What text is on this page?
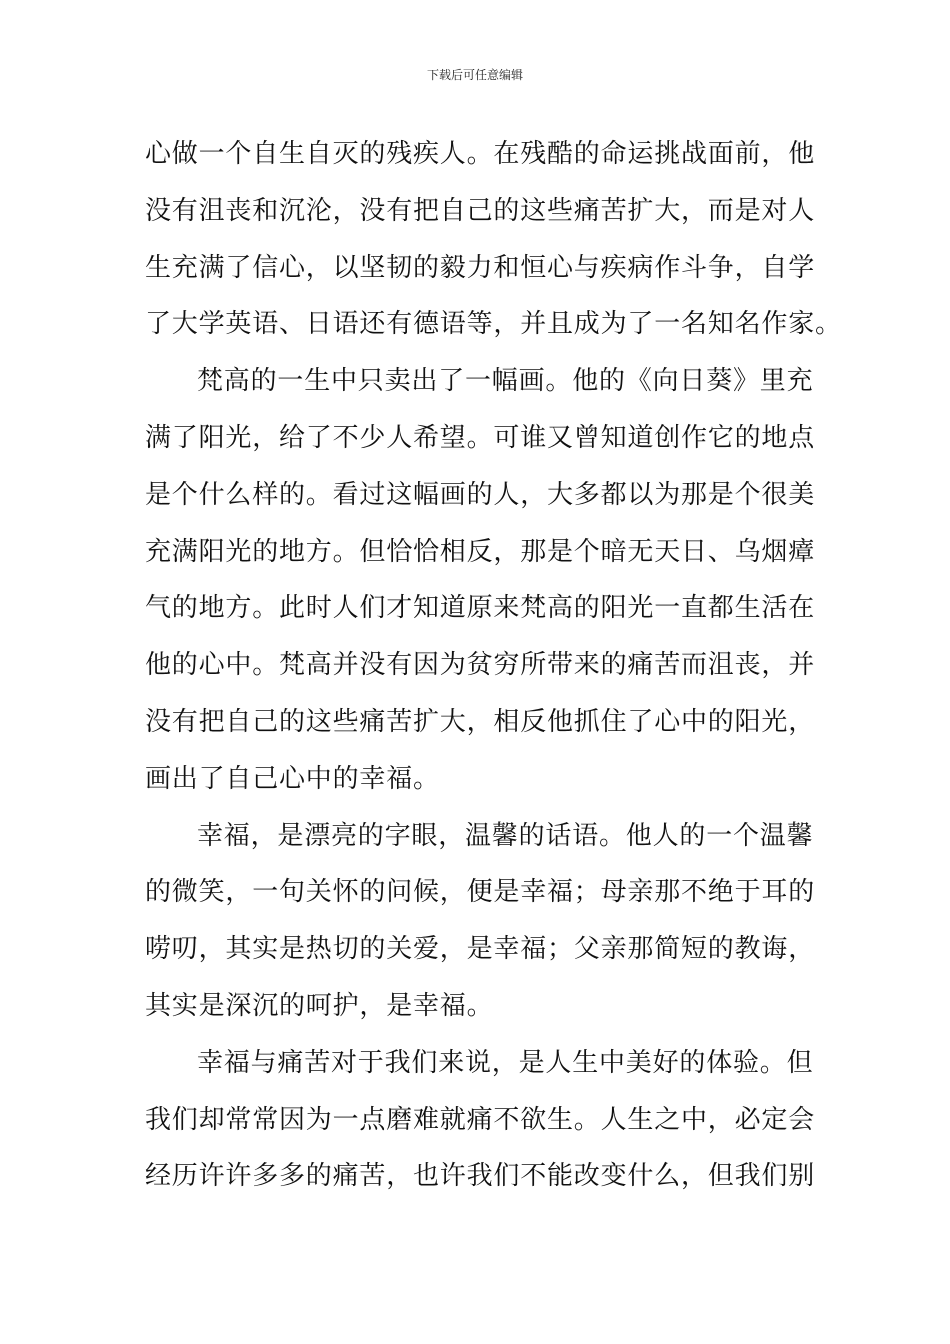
下载后可任意编辑
心做一个自生自灭的残疾人。在残酷的命运挑战面前，他
没有沮丧和沉沦，没有把自己的这些痛苦扩大，而是对人
生充满了信心，以坚韧的毅力和恒心与疾病作斗争，自学
了大学英语、日语还有德语等，并且成为了一名知名作家。
梵高的一生中只卖出了一幅画。他的《向日葵》里充
满了阳光，给了不少人希望。可谁又曾知道创作它的地点
是个什么样的。看过这幅画的人，大多都以为那是个很美
充满阳光的地方。但恰恰相反，那是个暗无天日、乌烟瘴
气的地方。此时人们才知道原来梵高的阳光一直都生活在
他的心中。梵高并没有因为贫穷所带来的痛苦而沮丧，并
没有把自己的这些痛苦扩大，相反他抓住了心中的阳光，
画出了自己心中的幸福。
幸福，是漂亮的字眼，温馨的话语。他人的一个温馨
的微笑，一句关怀的问候，便是幸福；母亲那不绝于耳的
唠叨，其实是热切的关爱，是幸福；父亲那简短的教诲，
其实是深沉的呵护，是幸福。
幸福与痛苦对于我们来说，是人生中美好的体验。但
我们却常常因为一点磨难就痛不欲生。人生之中，必定会
经历许许多多的痛苦，也许我们不能改变什么，但我们别
